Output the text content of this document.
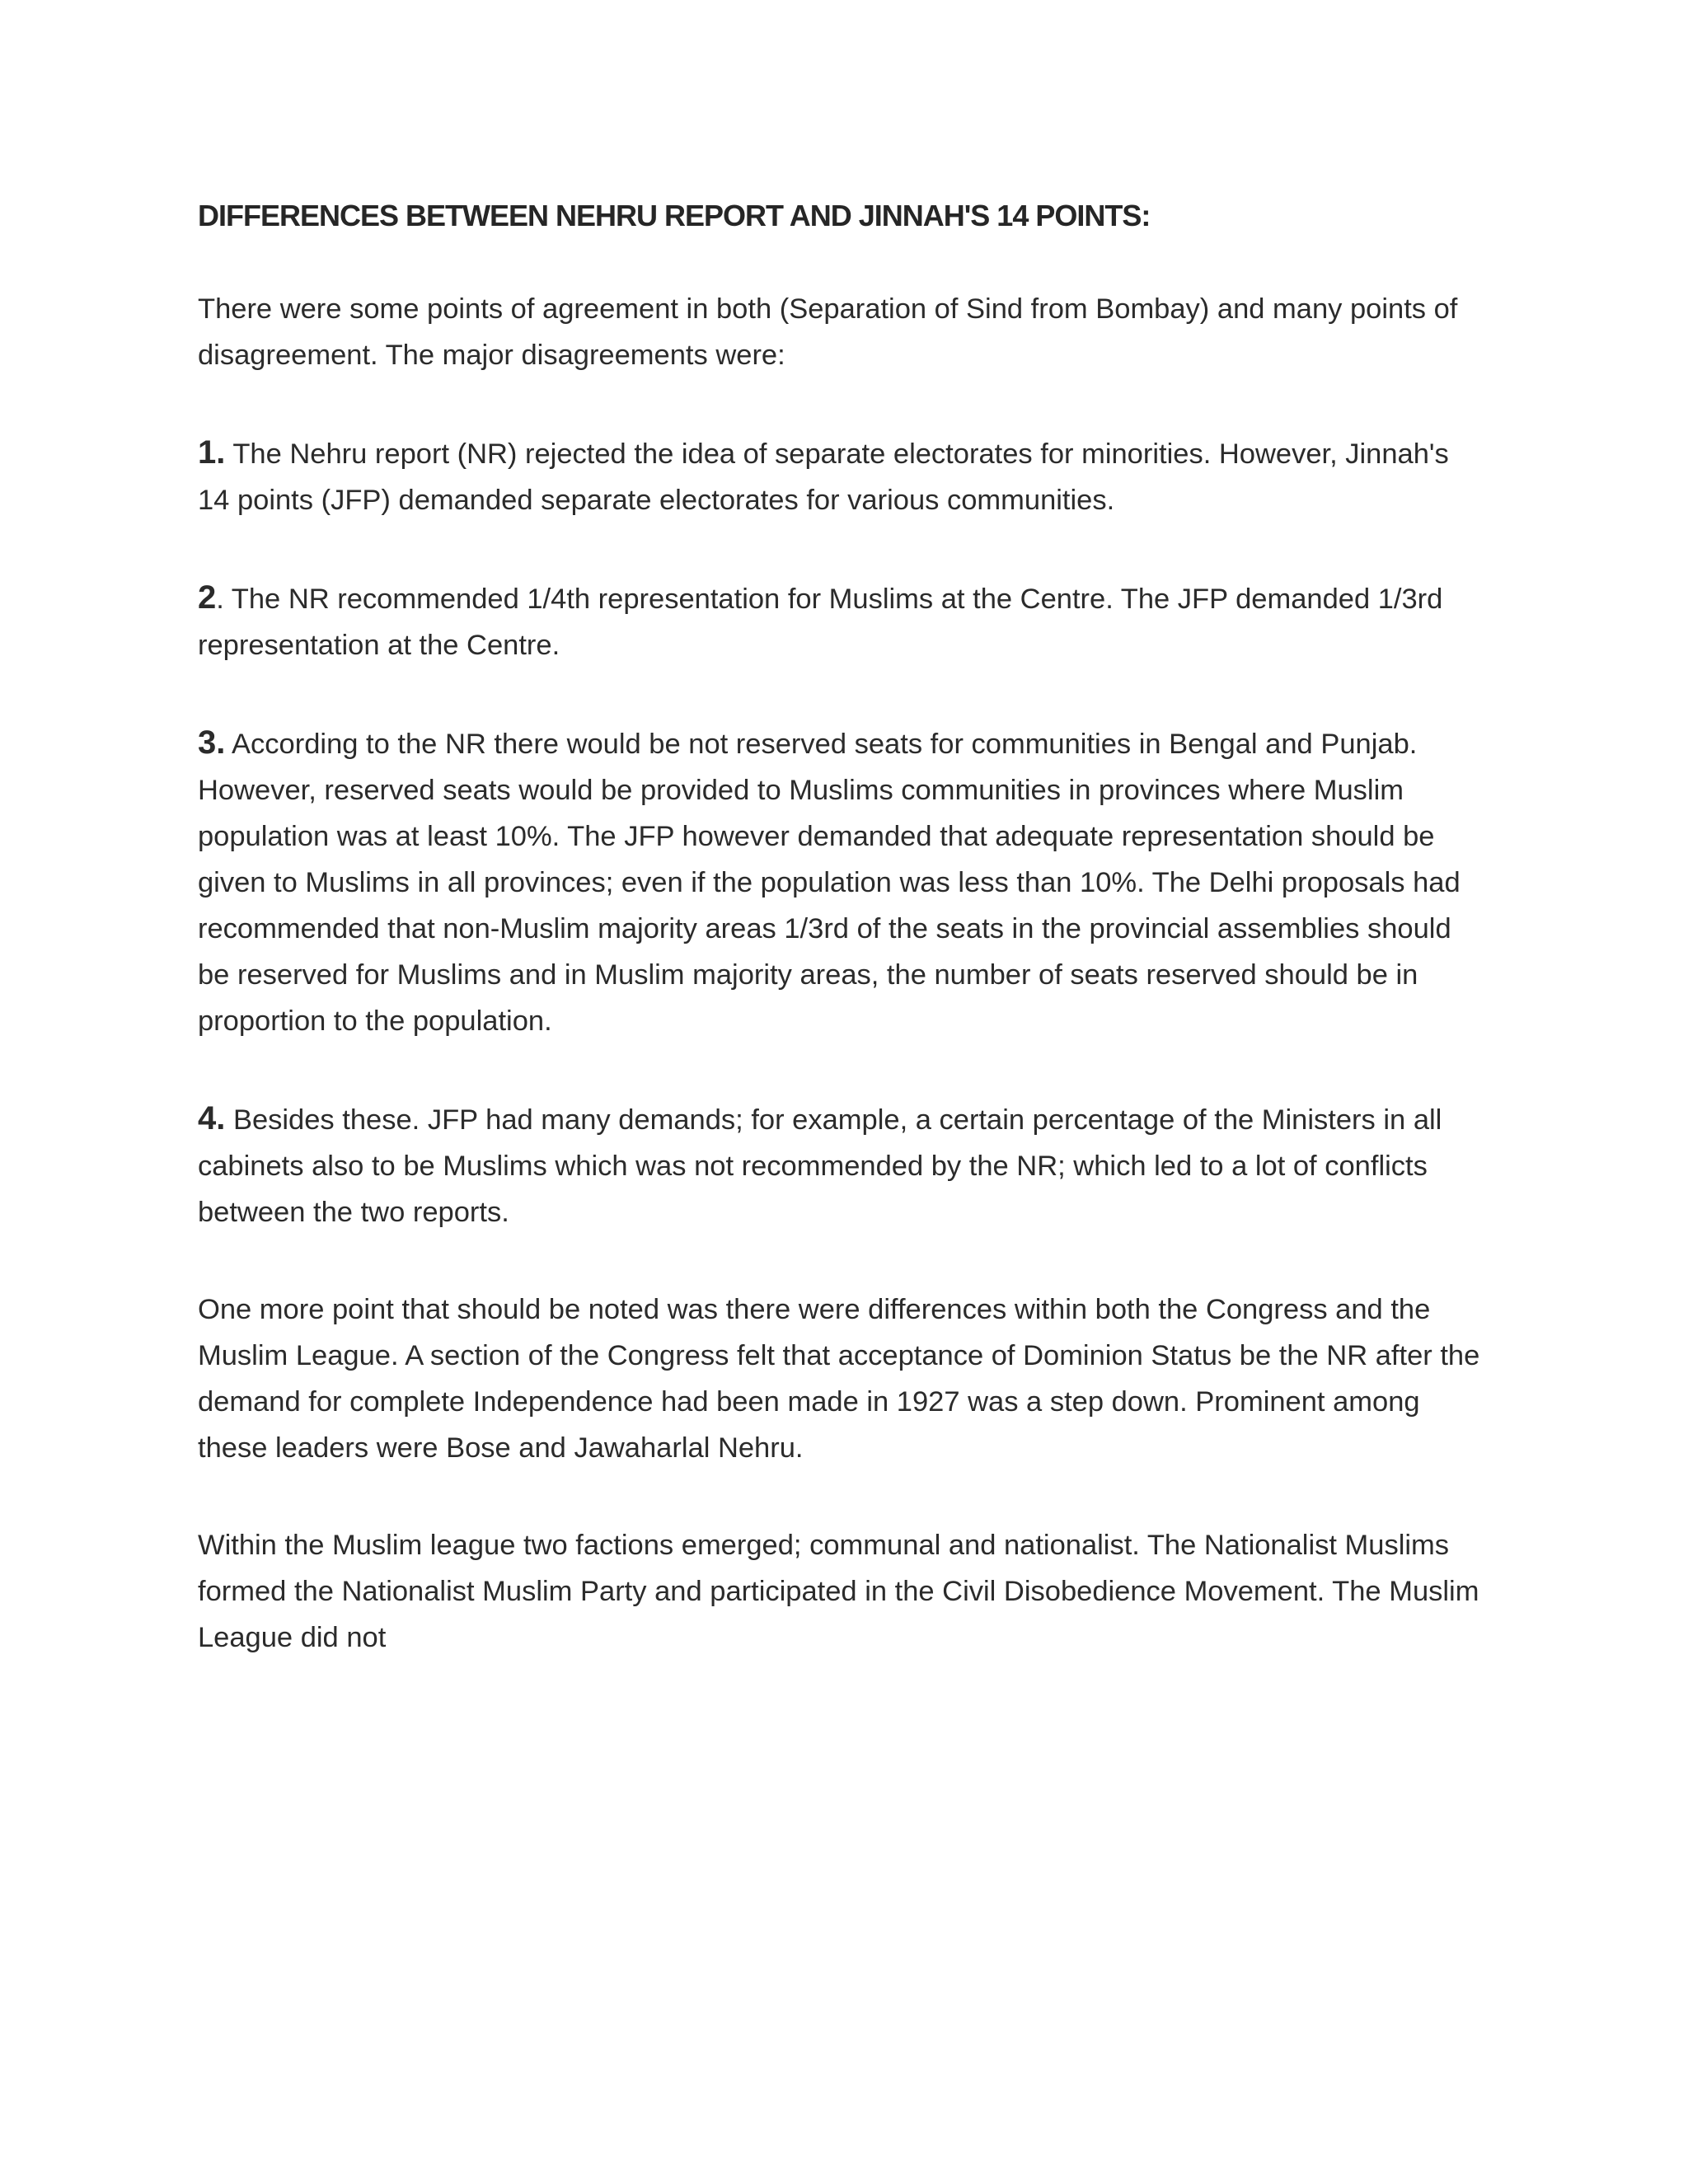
DIFFERENCES BETWEEN NEHRU REPORT AND JINNAH'S 14 POINTS:

There were some points of agreement in both (Separation of Sind from Bombay) and many points of disagreement. The major disagreements were:

1. The Nehru report (NR) rejected the idea of separate electorates for minorities. However, Jinnah's 14 points (JFP) demanded separate electorates for various communities.

2. The NR recommended 1/4th representation for Muslims at the Centre. The JFP demanded 1/3rd representation at the Centre.

3. According to the NR there would be not reserved seats for communities in Bengal and Punjab. However, reserved seats would be provided to Muslims communities in provinces where Muslim population was at least 10%. The JFP however demanded that adequate representation should be given to Muslims in all provinces; even if the population was less than 10%. The Delhi proposals had recommended that non-Muslim majority areas 1/3rd of the seats in the provincial assemblies should be reserved for Muslims and in Muslim majority areas, the number of seats reserved should be in proportion to the population.

4. Besides these. JFP had many demands; for example, a certain percentage of the Ministers in all cabinets also to be Muslims which was not recommended by the NR; which led to a lot of conflicts between the two reports.

One more point that should be noted was there were differences within both the Congress and the Muslim League. A section of the Congress felt that acceptance of Dominion Status be the NR after the demand for complete Independence had been made in 1927 was a step down. Prominent among these leaders were Bose and Jawaharlal Nehru.

Within the Muslim league two factions emerged; communal and nationalist. The Nationalist Muslims formed the Nationalist Muslim Party and participated in the Civil Disobedience Movement. The Muslim League did not
